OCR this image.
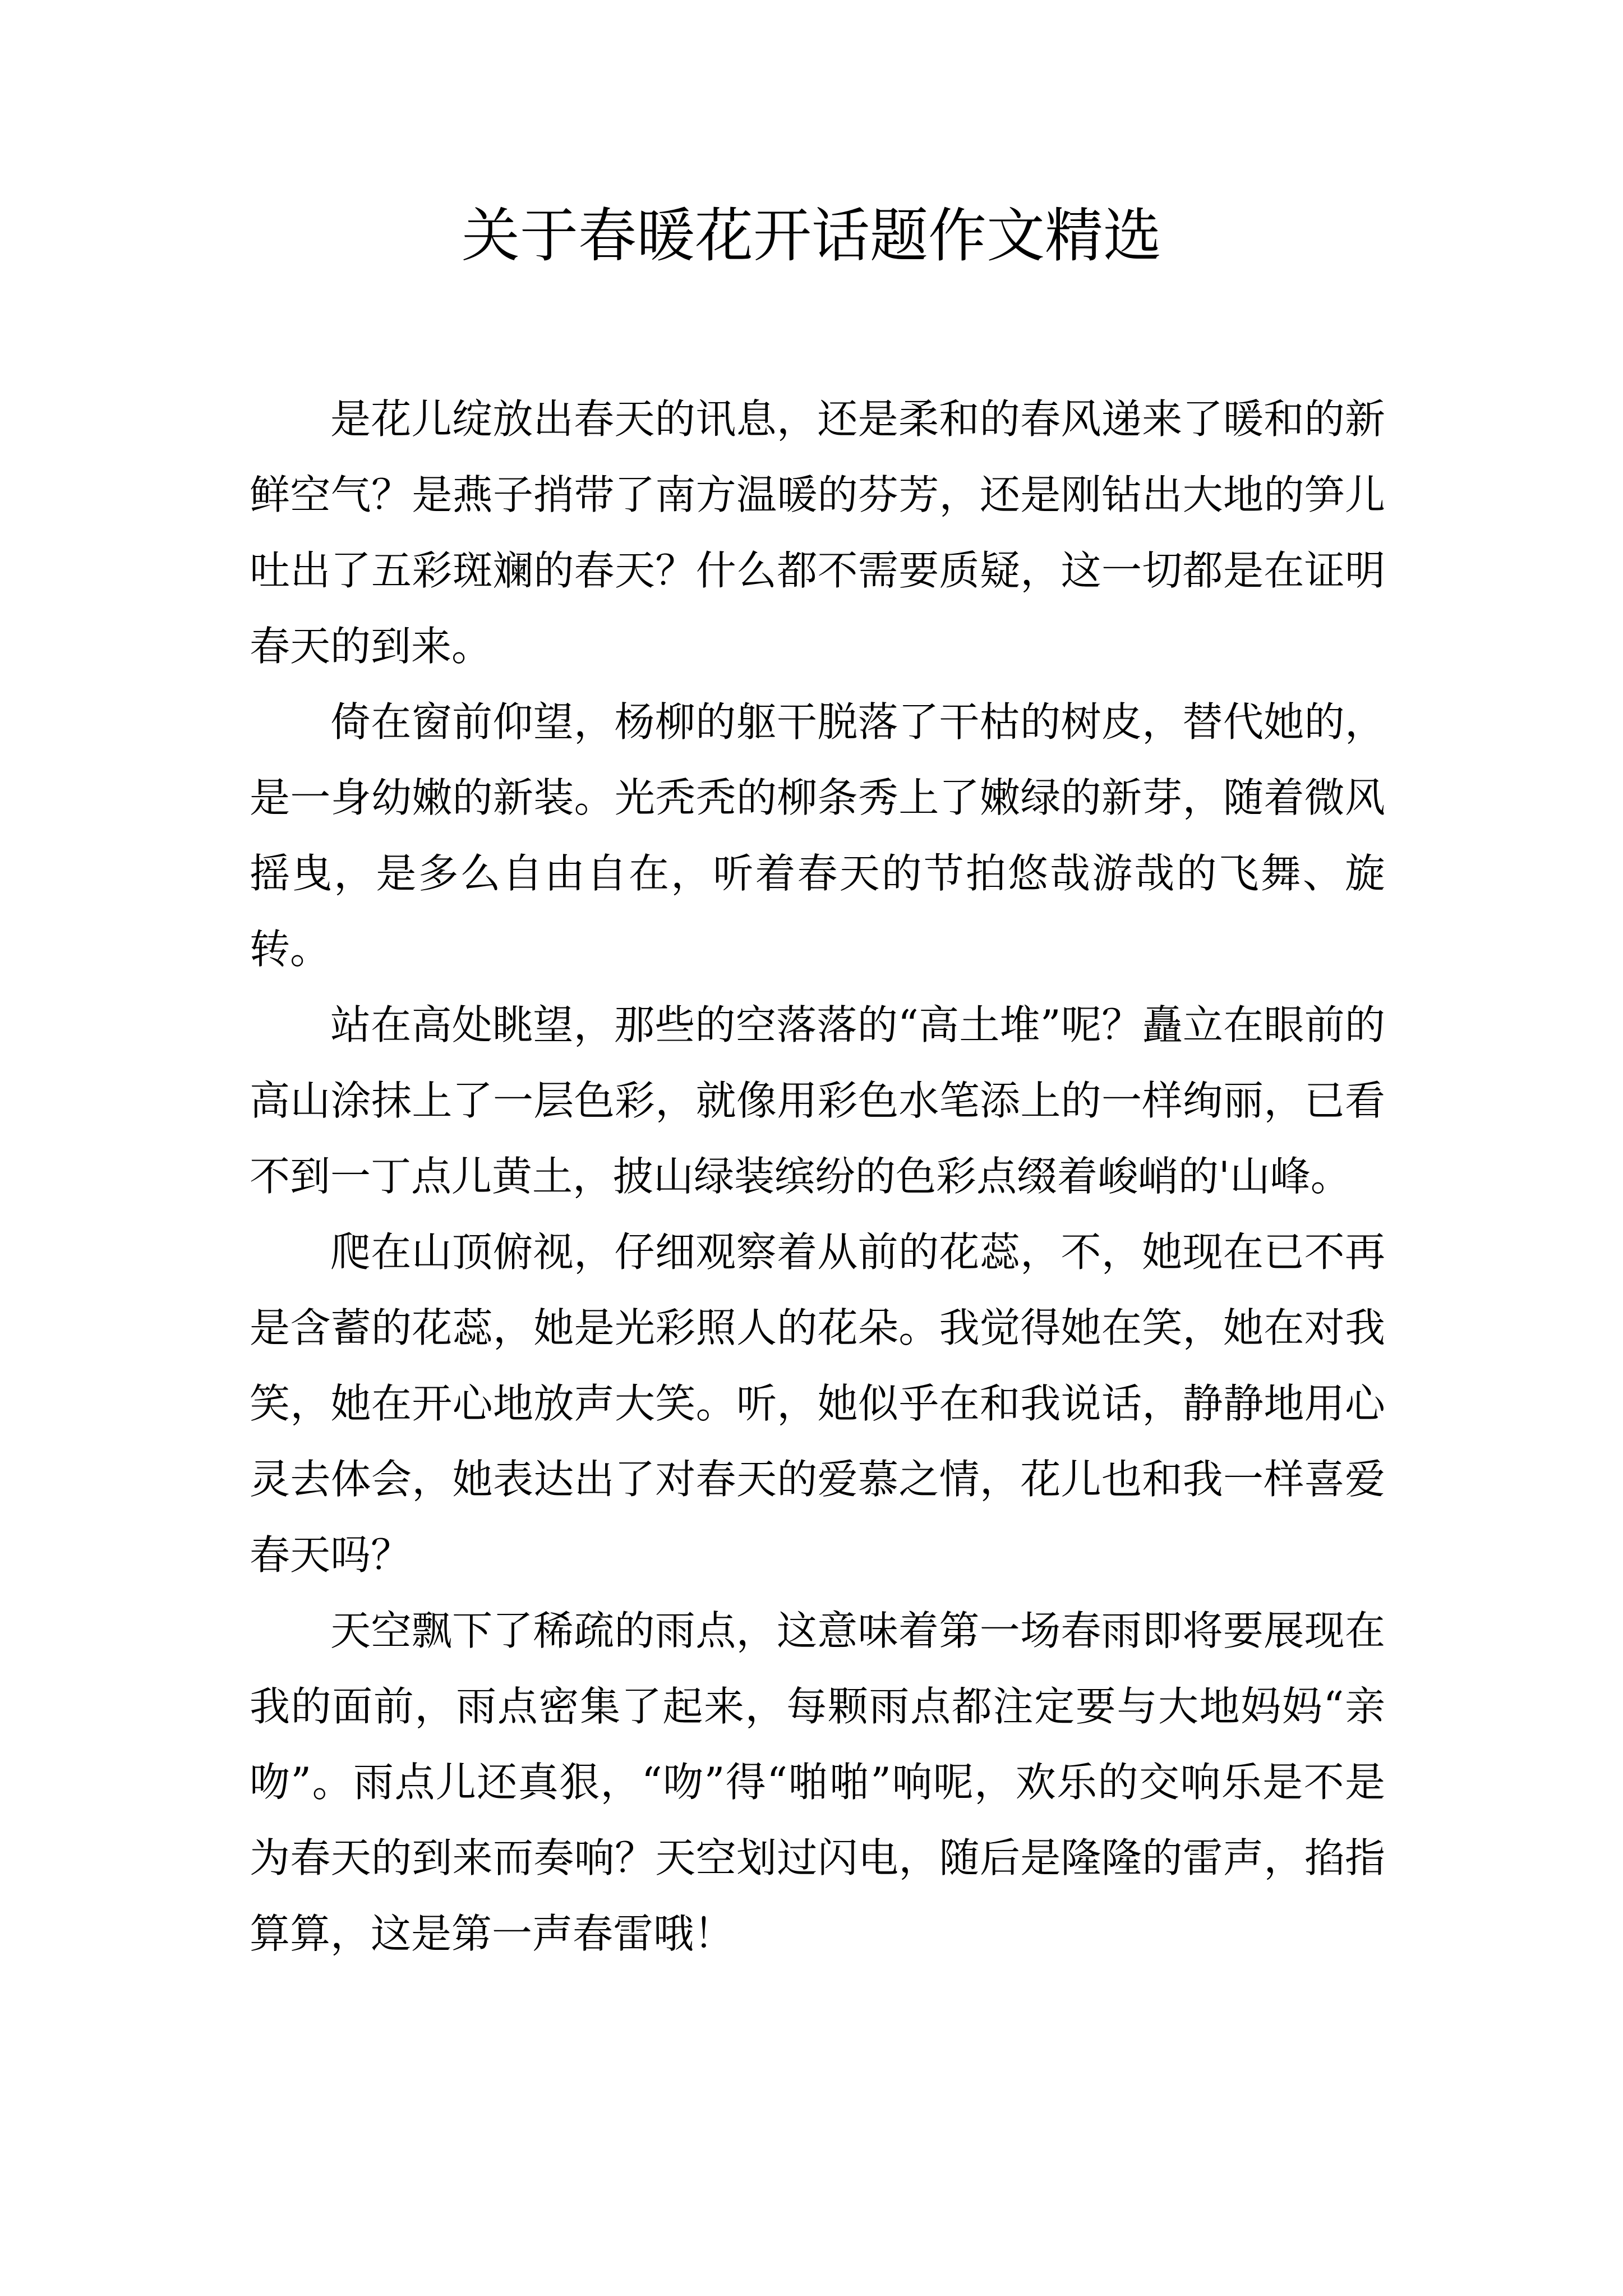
关于春暖花开话题作文精选

是花儿绽放出春天的讯息，还是柔和的春风递来了暖和的新鲜空气？是燕子捎带了南方温暖的芬芳，还是刚钻出大地的笋儿吐出了五彩斑斓的春天？什么都不需要质疑，这一切都是在证明春天的到来。

倚在窗前仰望，杨柳的躯干脱落了干枯的树皮，替代她的，是一身幼嫩的新装。光秃秃的柳条秀上了嫩绿的新芽，随着微风摇曳，是多么自由自在，听着春天的节拍悠哉游哉的飞舞、旋转。

站在高处眺望，那些的空落落的“高土堆”呢？矗立在眼前的高山涂抹上了一层色彩，就像用彩色水笔添上的一样绚丽，已看不到一丁点儿黄土，披山绿装缤纷的色彩点缀着峻峭的'山峰。

爬在山顶俯视，仔细观察着从前的花蕊，不，她现在已不再是含蓄的花蕊，她是光彩照人的花朵。我觉得她在笑，她在对我笑，她在开心地放声大笑。听，她似乎在和我说话，静静地用心灵去体会，她表达出了对春天的爱慕之情，花儿也和我一样喜爱春天吗？

天空飘下了稀疏的雨点，这意味着第一场春雨即将要展现在我的面前，雨点密集了起来，每颗雨点都注定要与大地妈妈“亲吻”。雨点儿还真狠，“吻”得“啪啪”响呢，欢乐的交响乐是不是为春天的到来而奏响？天空划过闪电，随后是隆隆的雷声，掐指算算，这是第一声春雷哦！
